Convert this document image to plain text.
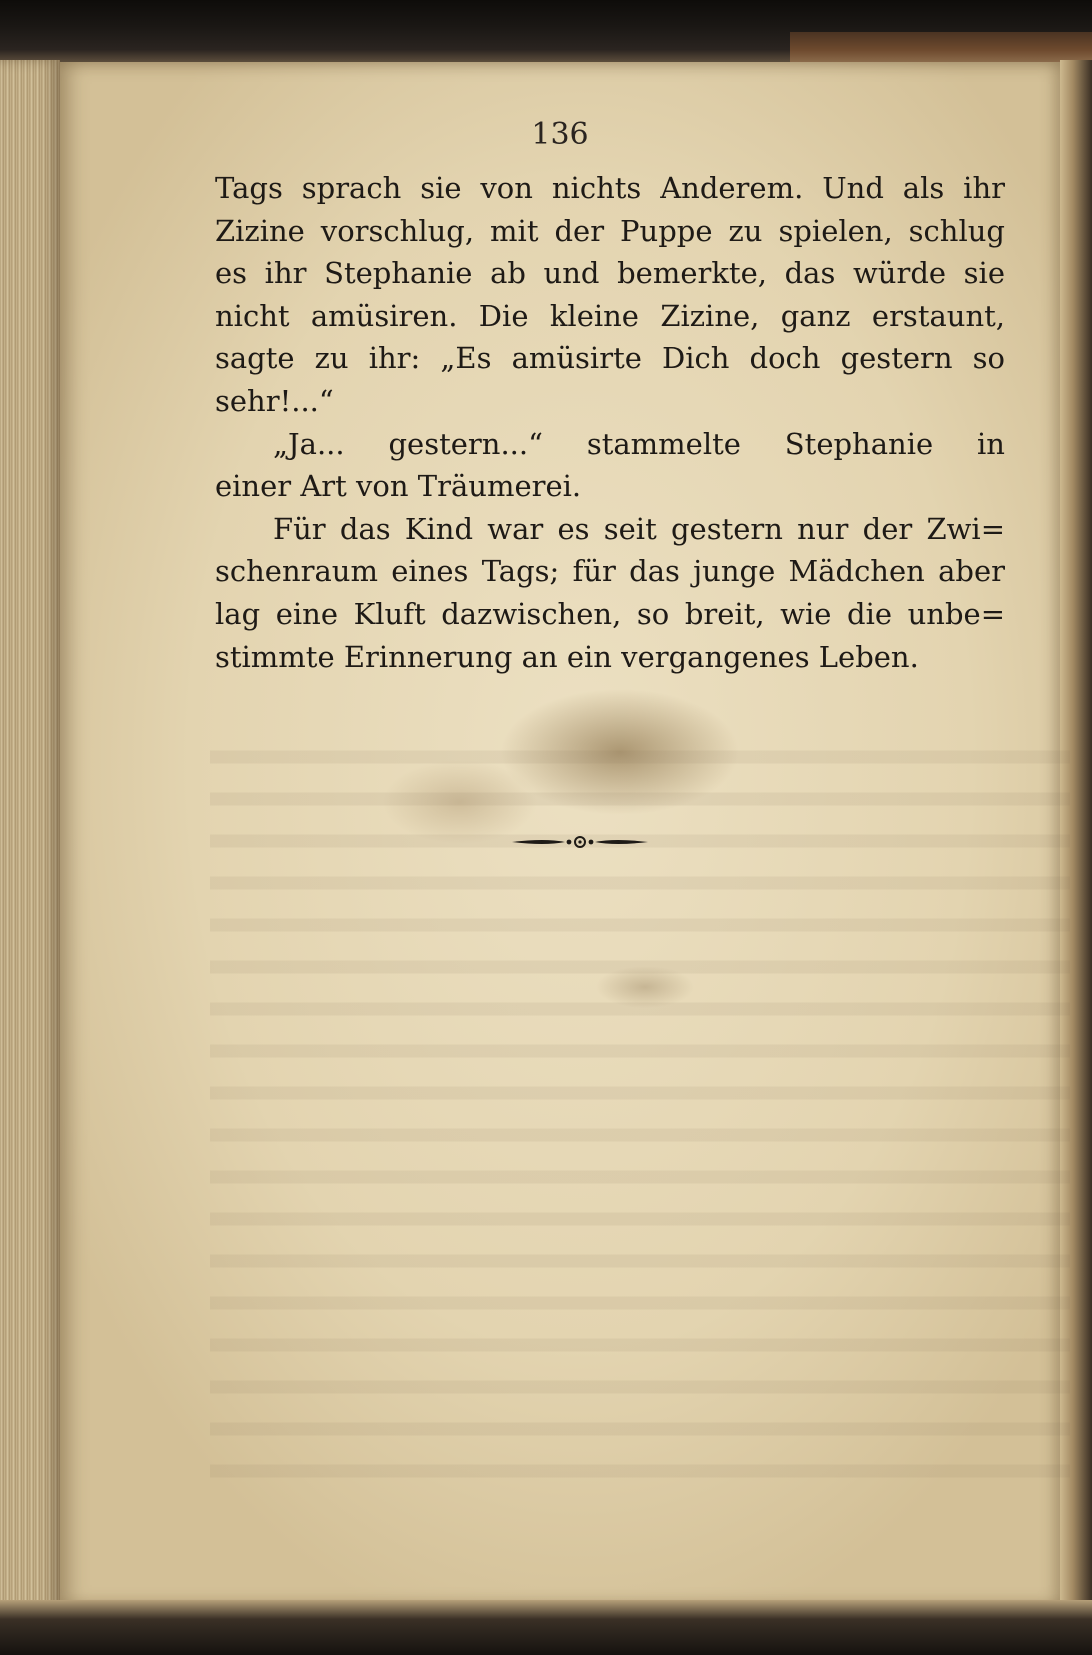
136
Tags sprach sie von nichts Anderem. Und als ihr
Zizine vorschlug, mit der Puppe zu spielen, schlug
es ihr Stephanie ab und bemerkte, das würde sie
nicht amüsiren. Die kleine Zizine, ganz erstaunt,
sagte zu ihr: „Es amüsirte Dich doch gestern so
sehr!...“
„Ja... gestern...“ stammelte Stephanie in
einer Art von Träumerei.
Für das Kind war es seit gestern nur der Zwi=
schenraum eines Tags; für das junge Mädchen aber
lag eine Kluft dazwischen, so breit, wie die unbe=
stimmte Erinnerung an ein vergangenes Leben.
